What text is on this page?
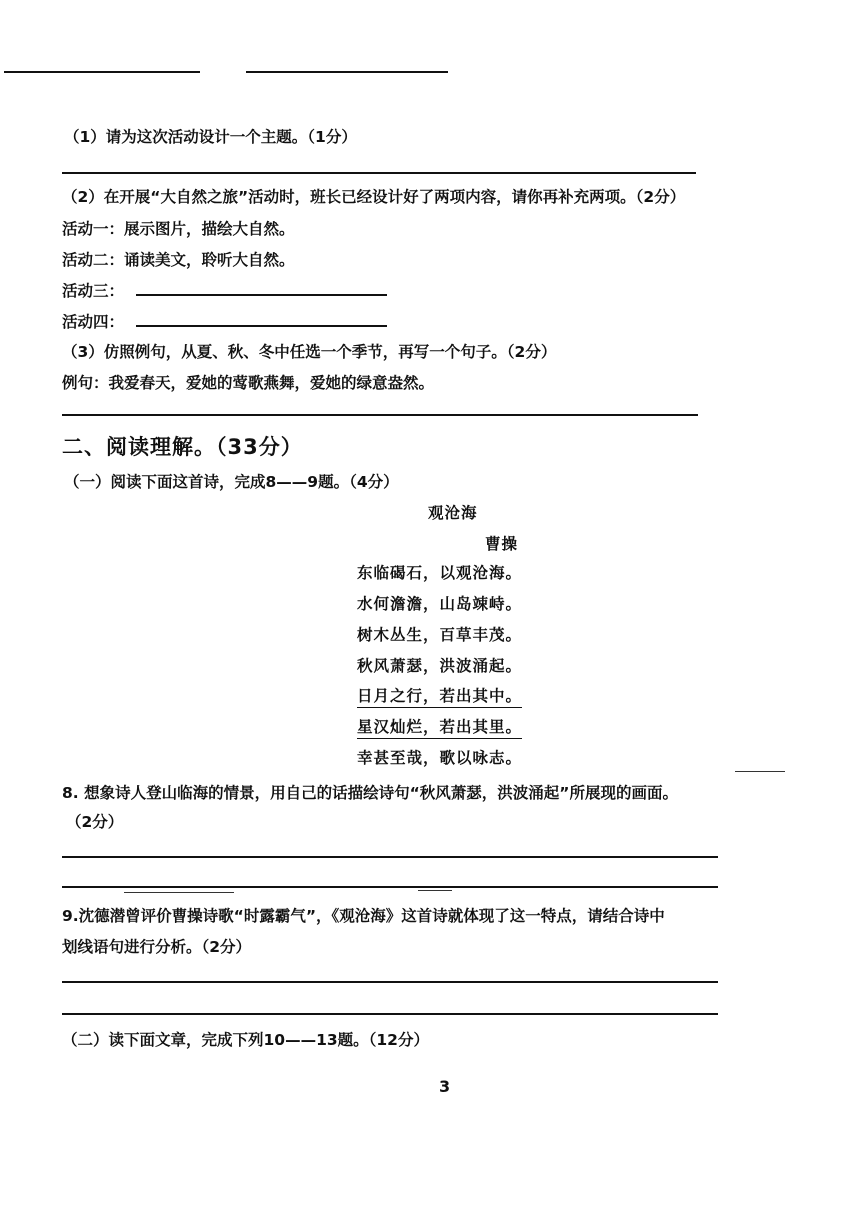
（1）请为这次活动设计一个主题。（1分）
（2）在开展“大自然之旅”活动时，班长已经设计好了两项内容，请你再补充两项。（2分）
活动一：展示图片，描绘大自然。
活动二：诵读美文，聆听大自然。
活动三：
活动四：
（3）仿照例句，从夏、秋、冬中任选一个季节，再写一个句子。（2分）
例句：我爱春天，爱她的莺歌燕舞，爱她的绿意盎然。
二、阅读理解。（33分）
（一）阅读下面这首诗，完成8——9题。（4分）
观沧海
曹操
东临碣石，以观沧海。
水何澹澹，山岛竦峙。
树木丛生，百草丰茂。
秋风萧瑟，洪波涌起。
日月之行，若出其中。
星汉灿烂，若出其里。
幸甚至哉，歌以咏志。
8. 想象诗人登山临海的情景，用自己的话描绘诗句“秋风萧瑟，洪波涌起”所展现的画面。
（2分）
9.沈德潜曾评价曹操诗歌“时露霸气”，《观沧海》这首诗就体现了这一特点，请结合诗中
划线语句进行分析。（2分）
（二）读下面文章，完成下列10——13题。（12分）
3
